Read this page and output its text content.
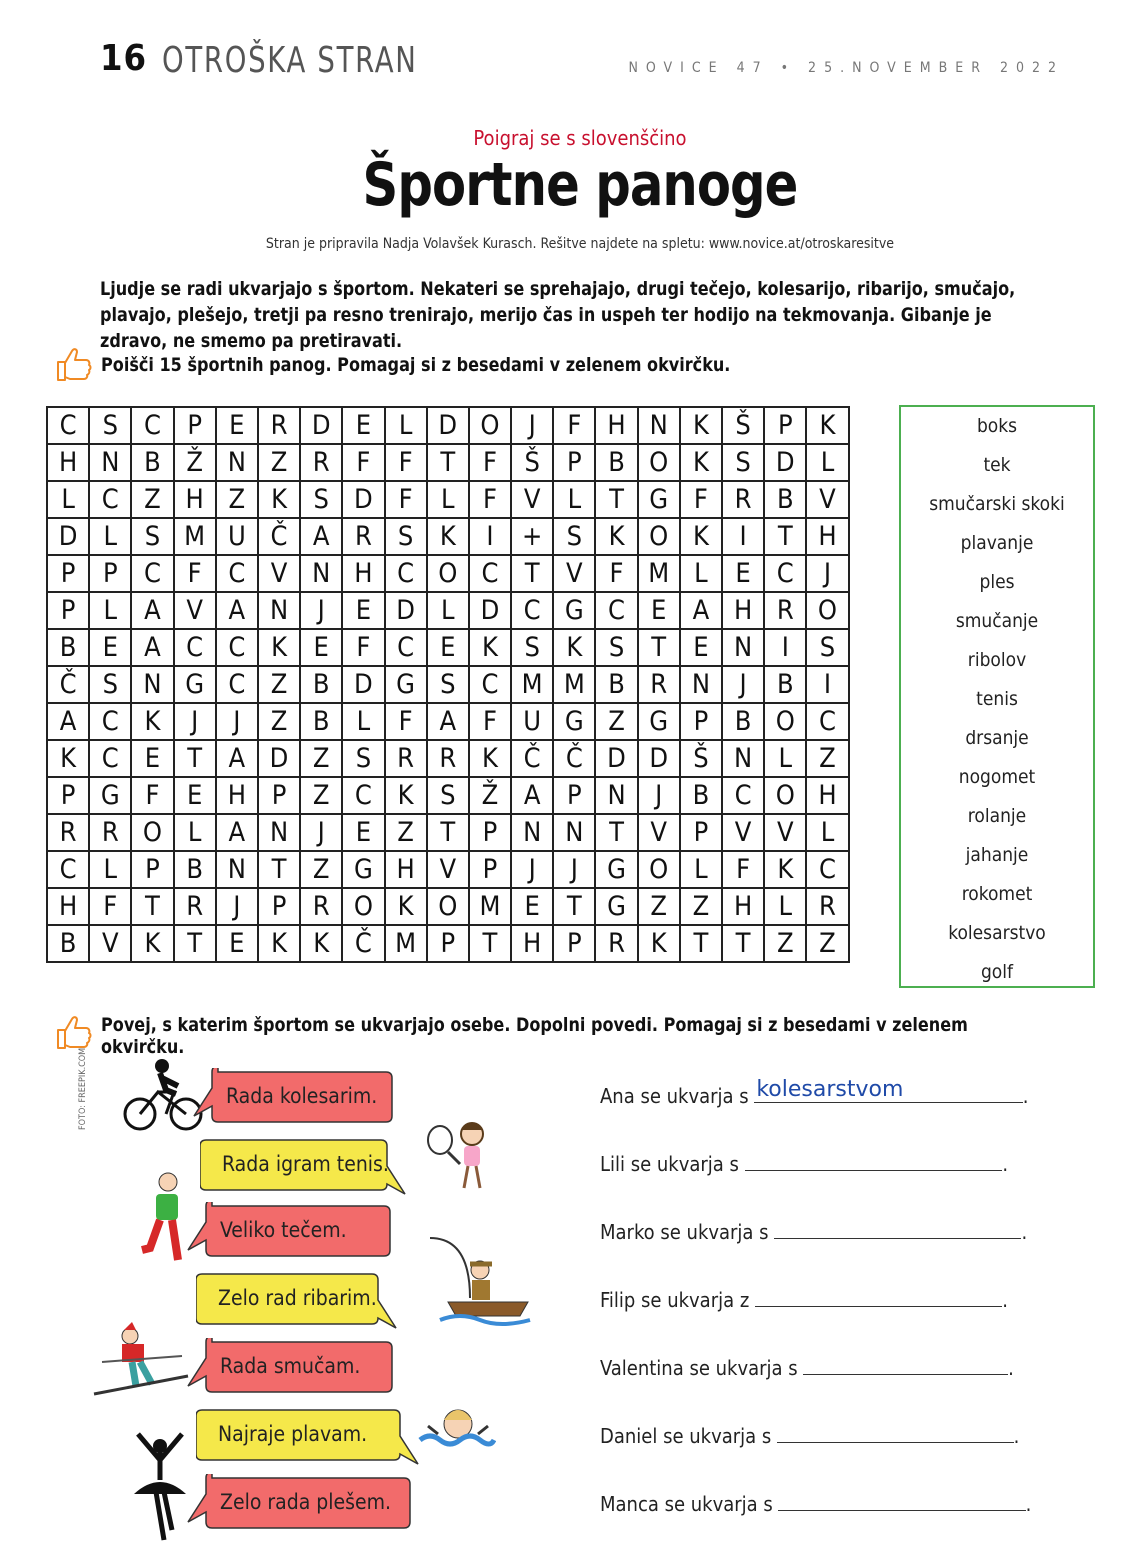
16 OTROŠKA STRAN	NOVICE 47 • 25.NOVEMBER 2022
Poigraj se s slovenščino
Športne panoge
Stran je pripravila Nadja Volavšek Kurasch. Rešitve najdete na spletu: www.novice.at/otroskaresitve
Ljudje se radi ukvarjajo s športom. Nekateri se sprehajajo, drugi tečejo, kolesarijo, ribarijo, smučajo, plavajo, plešejo, tretji pa resno trenirajo, merijo čas in uspeh ter hodijo na tekmovanja. Gibanje je zdravo, ne smemo pa pretiravati.
Poišči 15 športnih panog. Pomagaj si z besedami v zelenem okvirčku.
C	S	C	P	E	R	D	E	L	D	O	J	F	H	N	K	Š	P	K
H	N	B	Ž	N	Z	R	F	F	T	F	Š	P	B	O	K	S	D	L
L	C	Z	H	Z	K	S	D	F	L	F	V	L	T	G	F	R	B	V
D	L	S	M	U	Č	A	R	S	K	I	+	S	K	O	K	I	T	H
P	P	C	F	C	V	N	H	C	O	C	T	V	F	M	L	E	C	J
P	L	A	V	A	N	J	E	D	L	D	C	G	C	E	A	H	R	O
B	E	A	C	C	K	E	F	C	E	K	S	K	S	T	E	N	I	S
Č	S	N	G	C	Z	B	D	G	S	C	M	M	B	R	N	J	B	I
A	C	K	J	J	Z	B	L	F	A	F	U	G	Z	G	P	B	O	C
K	C	E	T	A	D	Z	S	R	R	K	Č	Č	D	D	Š	N	L	Z
P	G	F	E	H	P	Z	C	K	S	Ž	A	P	N	J	B	C	O	H
R	R	O	L	A	N	J	E	Z	T	P	N	N	T	V	P	V	V	L
C	L	P	B	N	T	Z	G	H	V	P	J	J	G	O	L	F	K	C
H	F	T	R	J	P	R	O	K	O	M	E	T	G	Z	Z	H	L	R
B	V	K	T	E	K	K	Č	M	P	T	H	P	R	K	T	T	Z	Z
boks
tek
smučarski skoki
plavanje
ples
smučanje
ribolov
tenis
drsanje
nogomet
rolanje
jahanje
rokomet
kolesarstvo
golf
Povej, s katerim športom se ukvarjajo osebe. Dopolni povedi. Pomagaj si z besedami v zelenem okvirčku.
FOTO: FREEPIK.COM	Rada kolesarim.
Rada igram tenis.
Veliko tečem.
Zelo rad ribarim.
Rada smučam.
Najraje plavam.
Zelo rada plešem.
Ana se ukvarja s kolesarstvom	.
Lili se ukvarja s	.
Marko se ukvarja s	.
Filip se ukvarja z	.
Valentina se ukvarja s	.
Daniel se ukvarja s	.
Manca se ukvarja s	.
